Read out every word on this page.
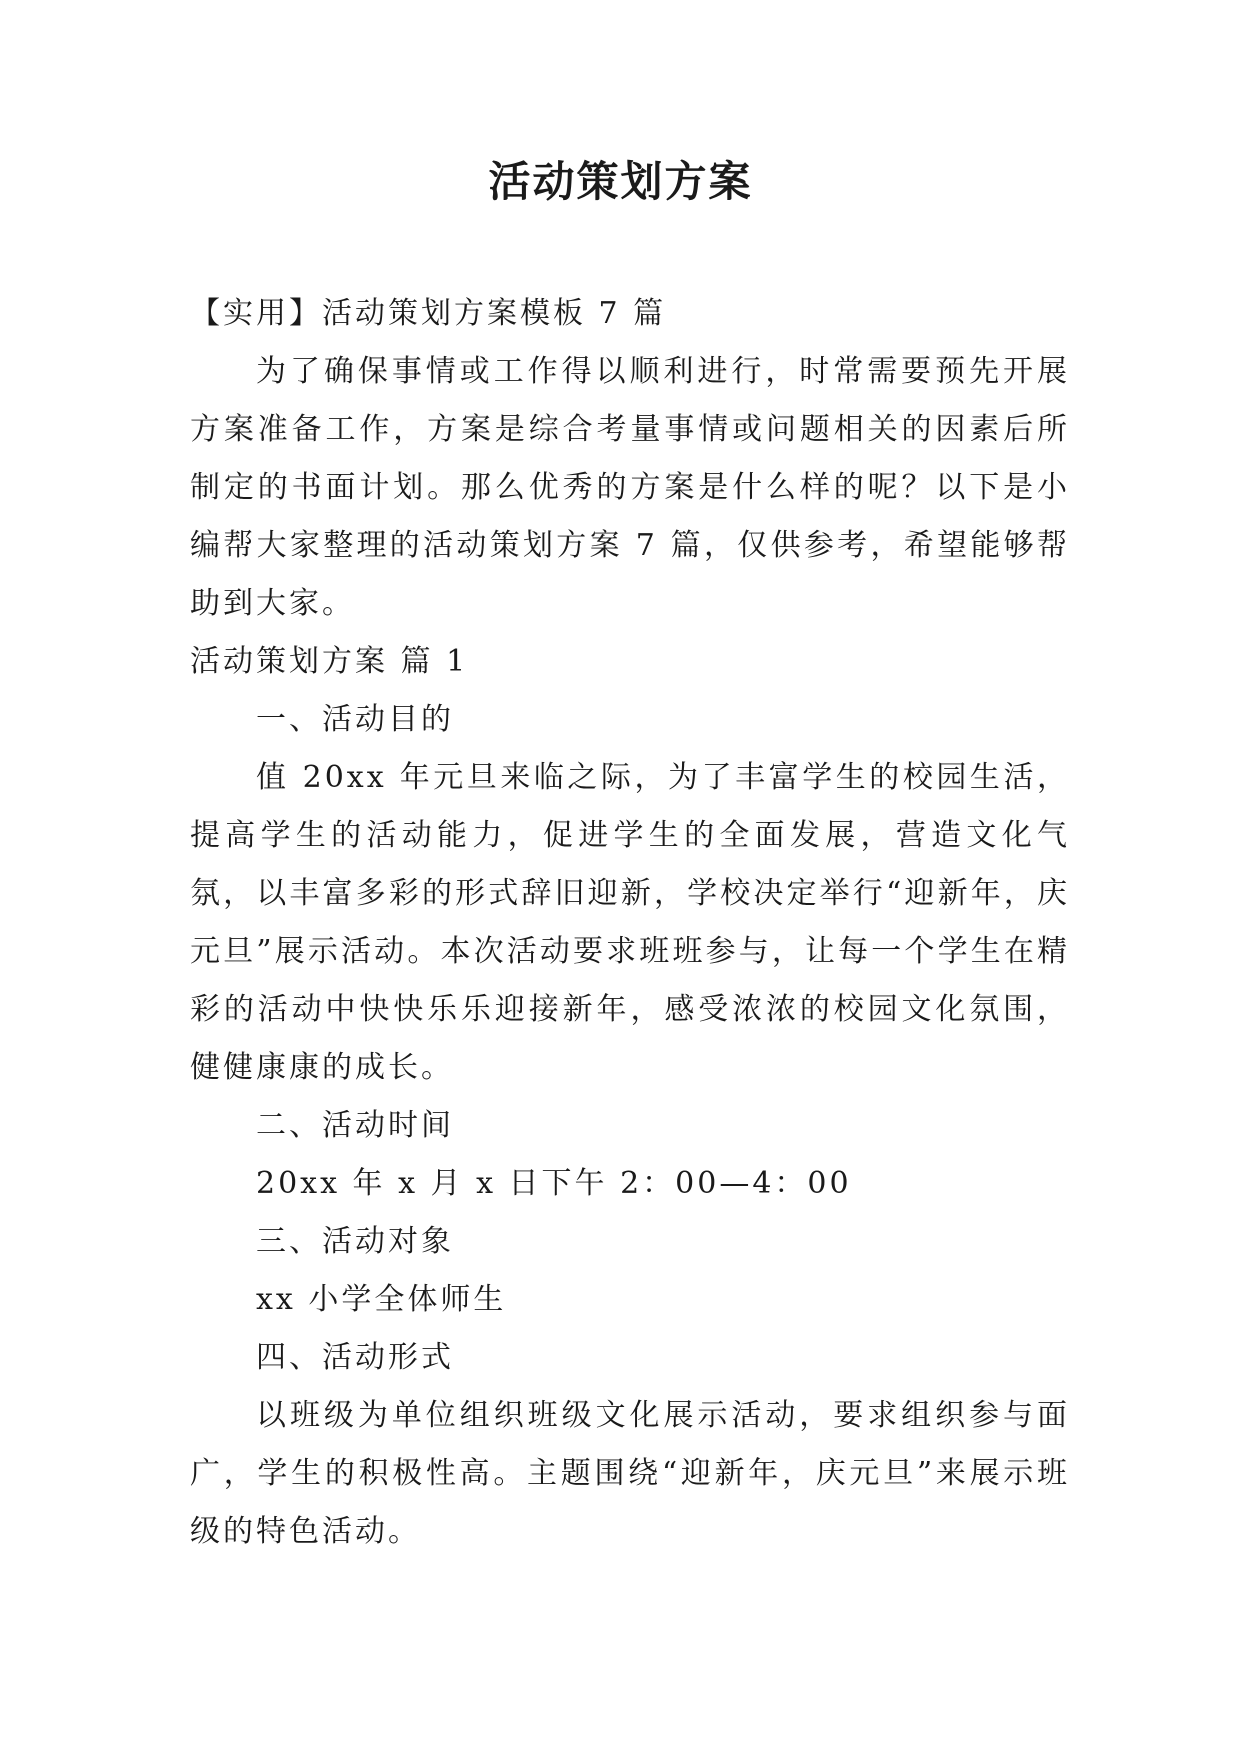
活动策划方案

【实用】活动策划方案模板 7 篇

为了确保事情或工作得以顺利进行，时常需要预先开展方案准备工作，方案是综合考量事情或问题相关的因素后所制定的书面计划。那么优秀的方案是什么样的呢？以下是小编帮大家整理的活动策划方案 7 篇，仅供参考，希望能够帮助到大家。

活动策划方案 篇 1

一、活动目的

值 20xx 年元旦来临之际，为了丰富学生的校园生活，提高学生的活动能力，促进学生的全面发展，营造文化气氛，以丰富多彩的形式辞旧迎新，学校决定举行“迎新年，庆元旦”展示活动。本次活动要求班班参与，让每一个学生在精彩的活动中快快乐乐迎接新年，感受浓浓的校园文化氛围，健健康康的成长。

二、活动时间

20xx 年 x 月 x 日下午 2：00—4：00

三、活动对象

xx 小学全体师生

四、活动形式

以班级为单位组织班级文化展示活动，要求组织参与面广，学生的积极性高。主题围绕“迎新年，庆元旦”来展示班级的特色活动。
